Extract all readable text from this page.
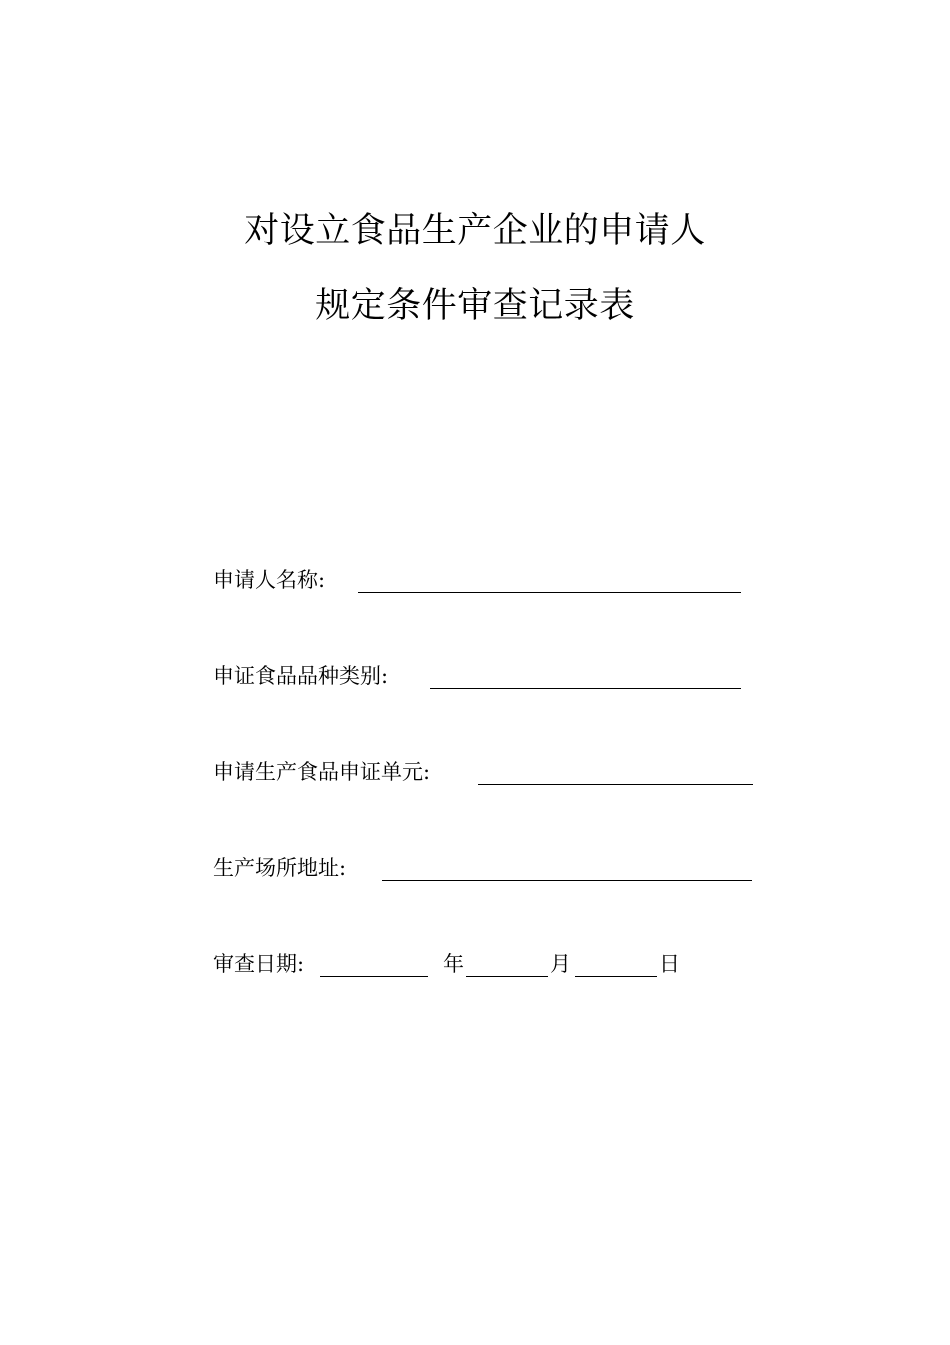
对设立食品生产企业的申请人
规定条件审查记录表
申请人名称:
申证食品品种类别:
申请生产食品申证单元:
生产场所地址:
审查日期:	年	月	日
